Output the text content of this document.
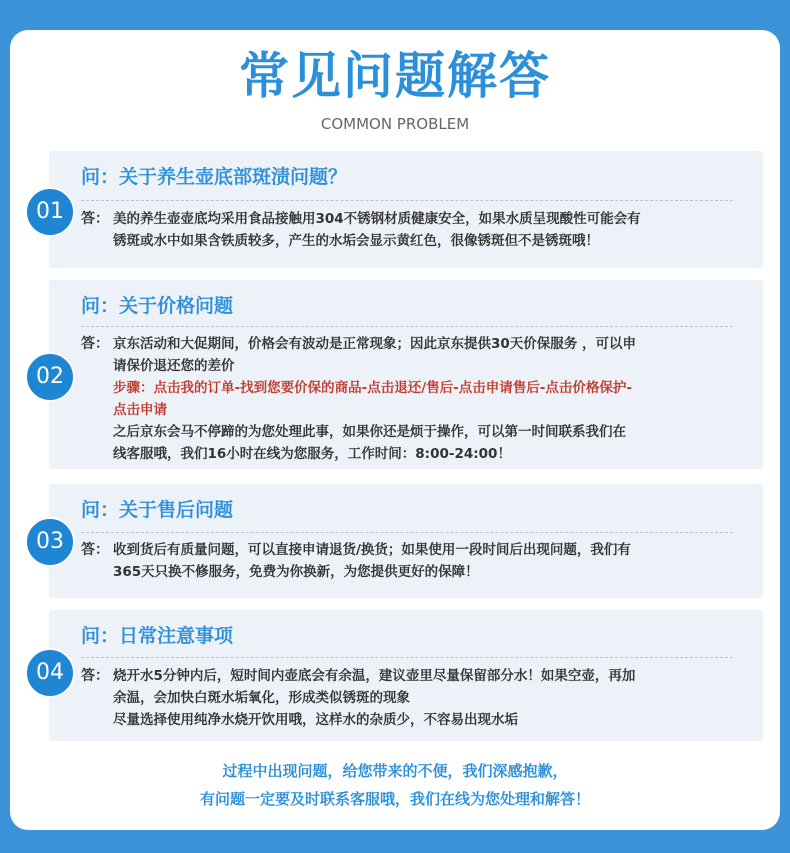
常见问题解答
COMMON PROBLEM
01
问：关于养生壶底部斑渍问题？
答： 美的养生壶壶底均采用食品接触用304不锈钢材质健康安全，如果水质呈现酸性可能会有
锈斑或水中如果含铁质较多，产生的水垢会显示黄红色，很像锈斑但不是锈斑哦！
02
问：关于价格问题
答： 京东活动和大促期间，价格会有波动是正常现象；因此京东提供30天价保服务 ，可以申
请保价退还您的差价
步骤：点击我的订单-找到您要价保的商品-点击退还/售后-点击申请售后-点击价格保护-
点击申请
之后京东会马不停蹄的为您处理此事，如果你还是烦于操作，可以第一时间联系我们在
线客服哦，我们16小时在线为您服务，工作时间：8:00-24:00！
03
问：关于售后问题
答： 收到货后有质量问题，可以直接申请退货/换货；如果使用一段时间后出现问题，我们有
365天只换不修服务，免费为你换新，为您提供更好的保障！
04
问：日常注意事项
答： 烧开水5分钟内后，短时间内壶底会有余温，建议壶里尽量保留部分水！如果空壶，再加
余温，会加快白斑水垢氧化，形成类似锈斑的现象
尽量选择使用纯净水烧开饮用哦，这样水的杂质少，不容易出现水垢
过程中出现问题，给您带来的不便，我们深感抱歉，
有问题一定要及时联系客服哦，我们在线为您处理和解答！
